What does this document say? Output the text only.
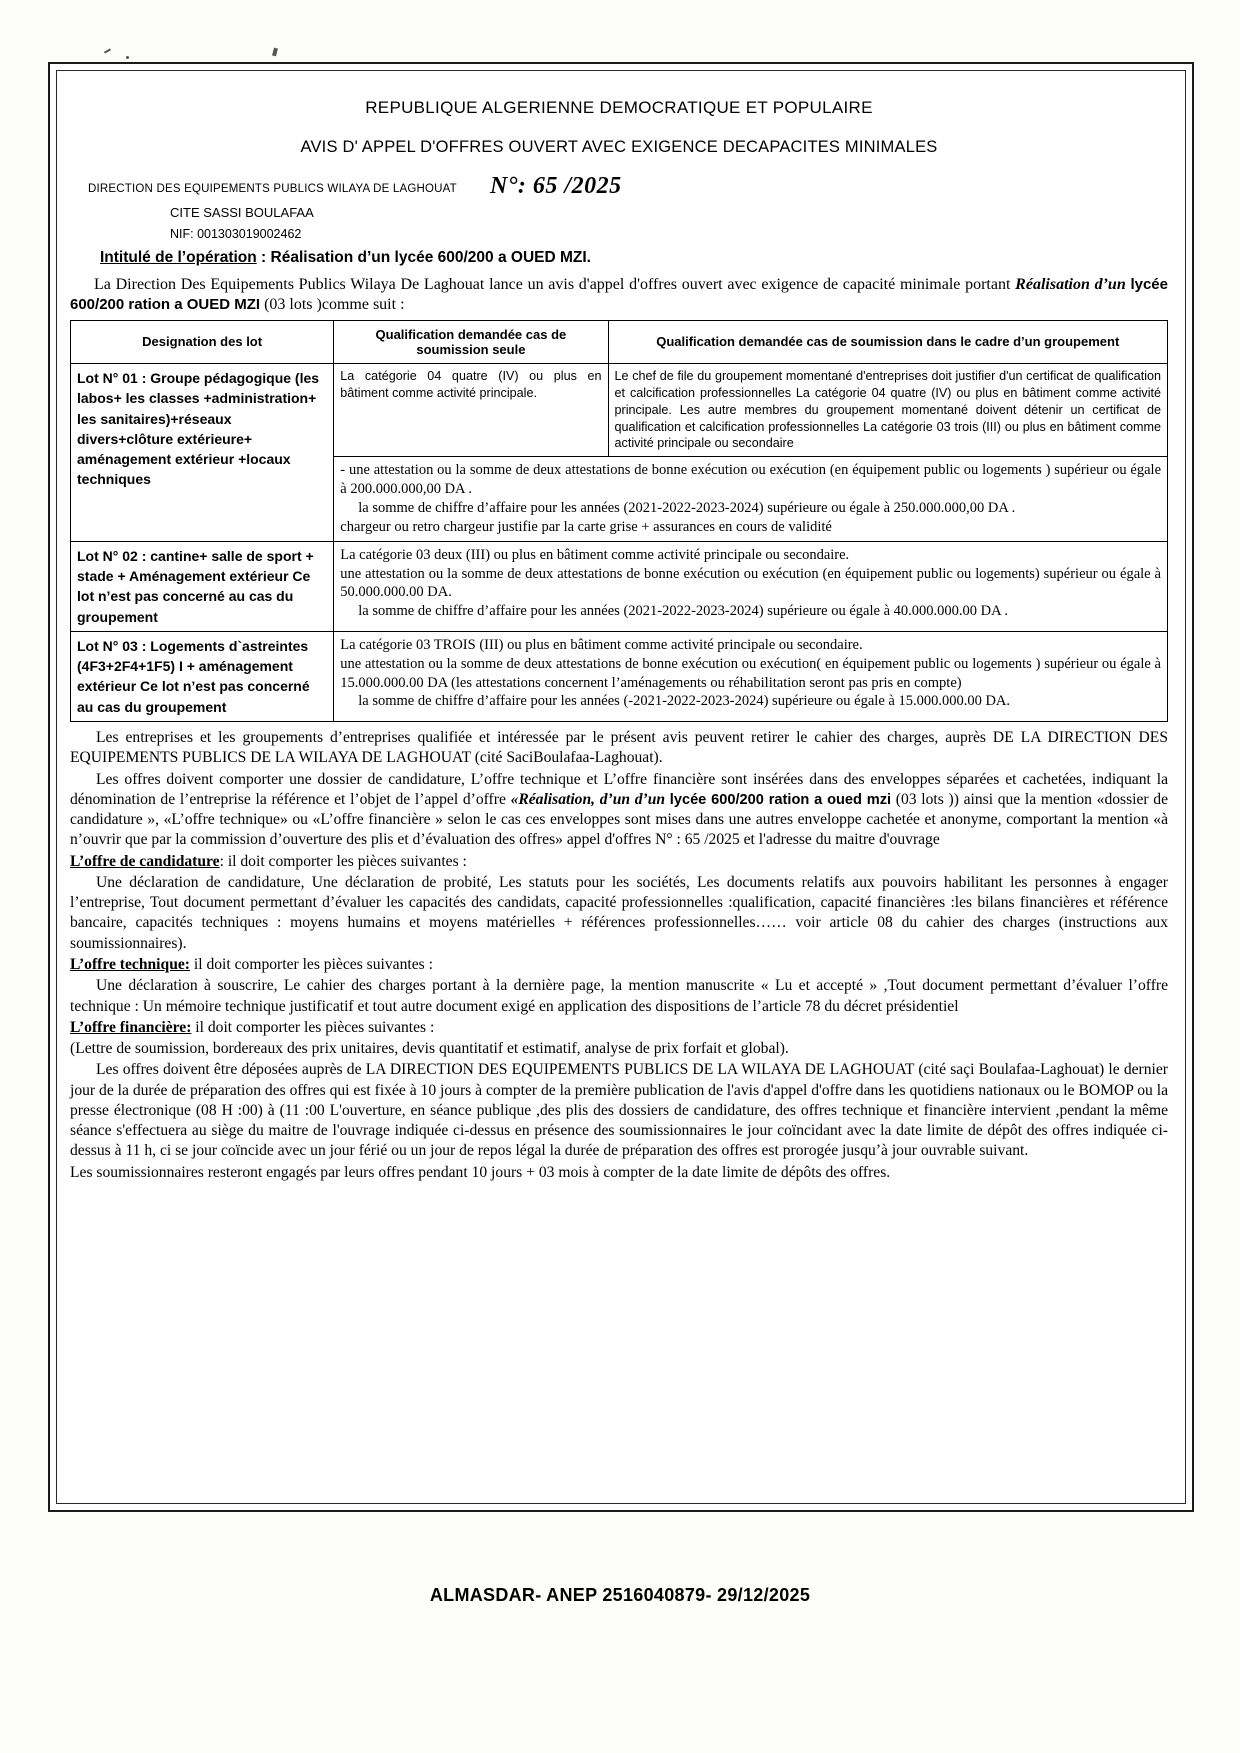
REPUBLIQUE ALGERIENNE DEMOCRATIQUE ET POPULAIRE
AVIS D' APPEL D'OFFRES OUVERT AVEC EXIGENCE DECAPACITES MINIMALES
DIRECTION DES EQUIPEMENTS PUBLICS WILAYA DE LAGHOUAT
CITE SASSI BOULAFAA
NIF: 001303019002462
N°: 65 /2025
Intitulé de l’opération : Réalisation d’un lycée 600/200 a OUED MZI.
La Direction Des Equipements Publics Wilaya De Laghouat lance un avis d'appel d'offres ouvert avec exigence de capacité minimale portant Réalisation d’un lycée 600/200 ration a OUED MZI (03 lots )comme suit :
Designation des lot	Qualification demandée cas de soumission seule	Qualification demandée cas de soumission dans le cadre d’un groupement
Lot N° 01 : Groupe pédagogique (les labos+ les classes +administration+ les sanitaires)+réseaux divers+clôture extérieure+ aménagement extérieur +locaux techniques	La catégorie 04 quatre (IV) ou plus en bâtiment comme activité principale.	Le chef de file du groupement momentané d'entreprises doit justifier d'un certificat de qualification et calcification professionnelles La catégorie 04 quatre (IV) ou plus en bâtiment comme activité principale. Les autre membres du groupement momentané doivent détenir un certificat de qualification et calcification professionnelles La catégorie 03 trois (III) ou plus en bâtiment comme activité principale ou secondaire
	- une attestation ou la somme de deux attestations de bonne exécution ou exécution (en équipement public ou logements ) supérieur ou égale à 200.000.000,00 DA .
la somme de chiffre d’affaire pour les années (2021-2022-2023-2024) supérieure ou égale à 250.000.000,00 DA .
chargeur ou retro chargeur justifie par la carte grise + assurances en cours de validité	
Lot N° 02 : cantine+ salle de sport + stade + Aménagement extérieur Ce lot n’est pas concerné au cas du groupement	La catégorie 03 deux (III) ou plus en bâtiment comme activité principale ou secondaire.
une attestation ou la somme de deux attestations de bonne exécution ou exécution (en équipement public ou logements) supérieur ou égale à 50.000.000.00 DA.
la somme de chiffre d’affaire pour les années (2021-2022-2023-2024) supérieure ou égale à 40.000.000.00 DA .	

Lot N° 03 : Logements d`astreintes (4F3+2F4+1F5) I + aménagement extérieur Ce lot n’est pas concerné au cas du groupement	La catégorie 03 TROIS (III) ou plus en bâtiment comme activité principale ou secondaire.
une attestation ou la somme de deux attestations de bonne exécution ou exécution( en équipement public ou logements ) supérieur ou égale à 15.000.000.00 DA (les attestations concernent l’aménagements ou réhabilitation seront pas pris en compte)
la somme de chiffre d’affaire pour les années (-2021-2022-2023-2024) supérieure ou égale à 15.000.000.00 DA.	

Les entreprises et les groupements d’entreprises qualifiée et intéressée par le présent avis peuvent retirer le cahier des charges, auprès DE LA DIRECTION DES EQUIPEMENTS PUBLICS DE LA WILAYA DE LAGHOUAT (cité SaciBoulafaa-Laghouat).

Les offres doivent comporter une dossier de candidature, L’offre technique et L’offre financière sont insérées dans des enveloppes séparées et cachetées, indiquant la dénomination de l’entreprise la référence et l’objet de l’appel d’offre «Réalisation, d’un d’un lycée 600/200 ration a oued mzi (03 lots )) ainsi que la mention «dossier de candidature », «L’offre technique» ou «L’offre financière » selon le cas ces enveloppes sont mises dans une autres enveloppe cachetée et anonyme, comportant la mention «à n’ouvrir que par la commission d’ouverture des plis et d’évaluation des offres» appel d'offres N° : 65 /2025 et l'adresse du maitre d'ouvrage

L’offre de candidature: il doit comporter les pièces suivantes :

Une déclaration de candidature, Une déclaration de probité, Les statuts pour les sociétés, Les documents relatifs aux pouvoirs habilitant les personnes à engager l’entreprise, Tout document permettant d’évaluer les capacités des candidats, capacité professionnelles :qualification, capacité financières :les bilans financières et référence bancaire, capacités techniques : moyens humains et moyens matérielles + références professionnelles…… voir article 08 du cahier des charges (instructions aux soumissionnaires).

L’offre technique: il doit comporter les pièces suivantes :

Une déclaration à souscrire, Le cahier des charges portant à la dernière page, la mention manuscrite « Lu et accepté » ,Tout document permettant d’évaluer l’offre technique : Un mémoire technique justificatif et tout autre document exigé en application des dispositions de l’article 78 du décret présidentiel

L’offre financière: il doit comporter les pièces suivantes :

(Lettre de soumission, bordereaux des prix unitaires, devis quantitatif et estimatif, analyse de prix forfait et global).

Les offres doivent être déposées auprès de LA DIRECTION DES EQUIPEMENTS PUBLICS DE LA WILAYA DE LAGHOUAT (cité saçi Boulafaa-Laghouat) le dernier jour de la durée de préparation des offres qui est fixée à 10 jours à compter de la première publication de l'avis d'appel d'offre dans les quotidiens nationaux ou le BOMOP ou la presse électronique (08 H :00) à (11 :00 L'ouverture, en séance publique ,des plis des dossiers de candidature, des offres technique et financière intervient ,pendant la même séance s'effectuera au siège du maitre de l'ouvrage indiquée ci-dessus en présence des soumissionnaires le jour coïncidant avec la date limite de dépôt des offres indiquée ci-dessus à 11 h, ci se jour coïncide avec un jour férié ou un jour de repos légal la durée de préparation des offres est prorogée jusqu’à jour ouvrable suivant.

Les soumissionnaires resteront engagés par leurs offres pendant 10 jours + 03 mois à compter de la date limite de dépôts des offres.

ALMASDAR- ANEP 2516040879- 29/12/2025
